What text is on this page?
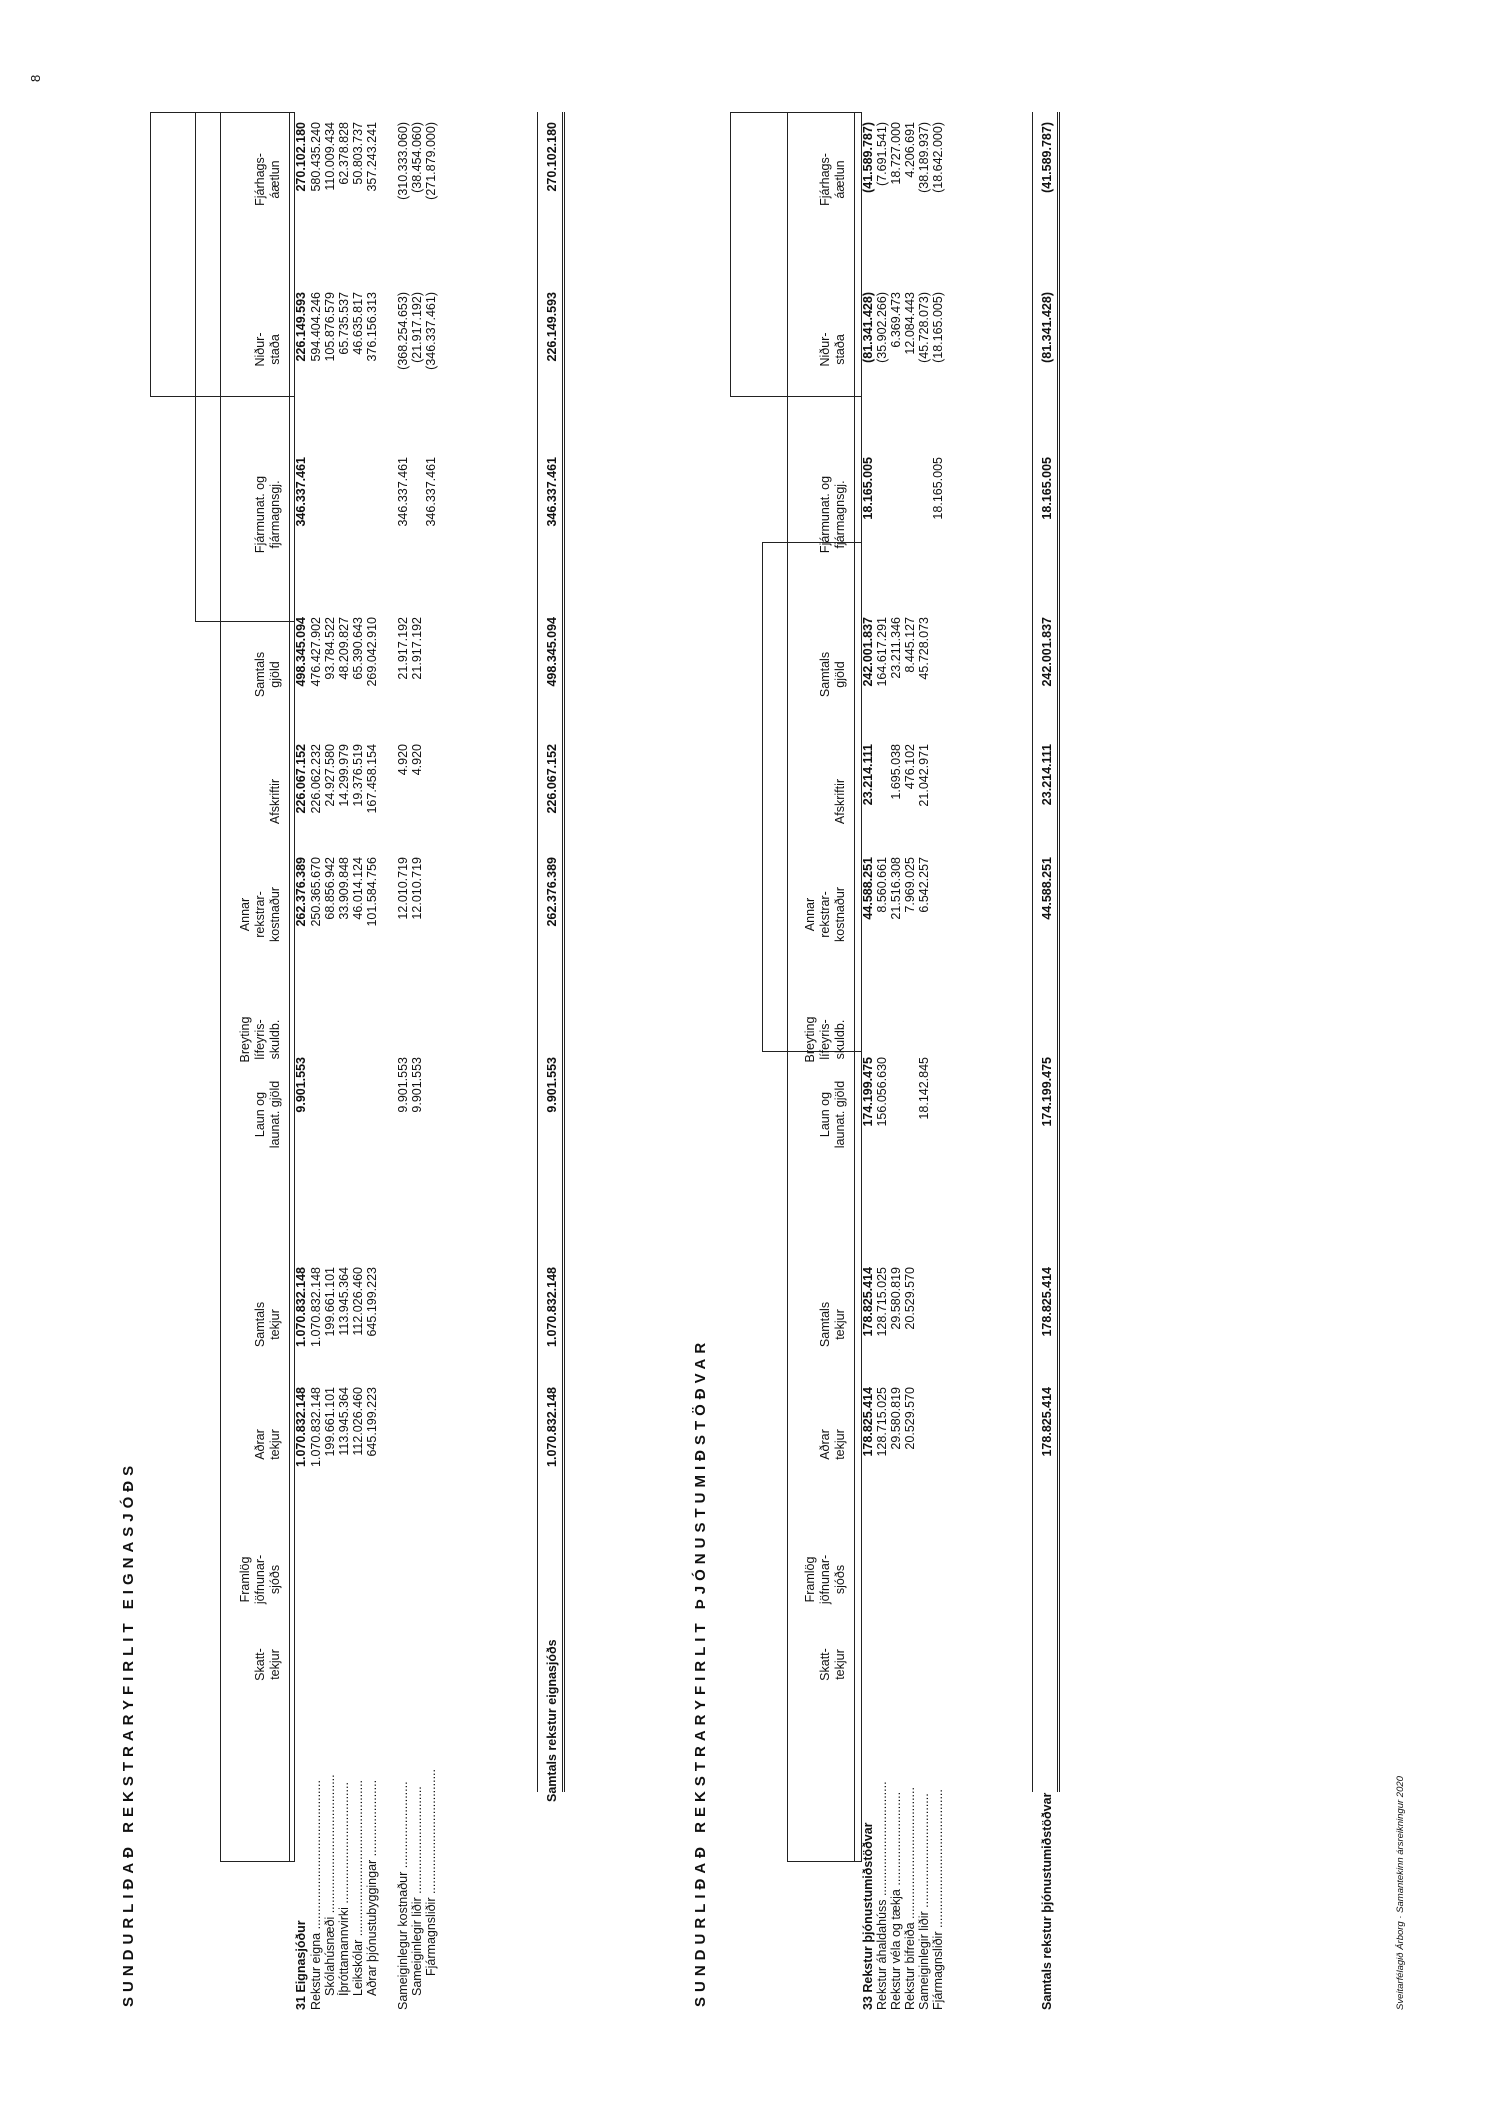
8
SUNDURLIÐAÐ REKSTRARYFIRLIT EIGNASJÓÐS	Skatt-
tekjur
Framlög
jöfnunar-
sjóðs
Aðrar
tekjur
Samtals
tekjur
Laun og
launat. gjöld
Breyting
lífeyris-
skuldb.
Annar
rekstrar-
kostnaður
Afskriftir
Samtals
gjöld
Fjármunat. og
fjármagnsgj.
Niður-
staða
Fjárhags-
áætlun
31 Eignasjóður
1.070.832.148
1.070.832.148
9.901.553
262.376.389
226.067.152
498.345.094
346.337.461
226.149.593
270.102.180
Rekstur eigna ...........................................
1.070.832.148
1.070.832.148
250.365.670
226.062.232
476.427.902
594.404.246
580.435.240
Skólahúsnæði ........................................
199.661.101
199.661.101
68.856.942
24.927.580
93.784.522
105.876.579
110.009.434
Íþróttamannvirki ...................................
113.945.364
113.945.364
33.909.848
14.299.979
48.209.827
65.735.537
62.378.828
Leikskólar .............................................
112.026.460
112.026.460
46.014.124
19.376.519
65.390.643
46.635.817
50.803.737
Aðrar þjónustubyggingar ......................
645.199.223
645.199.223
101.584.756
167.458.154
269.042.910
376.156.313
357.243.241
Sameiginlegur kostnaður .........................
9.901.553
12.010.719
4.920
21.917.192
346.337.461
(368.254.653)
(310.333.060)
Sameiginlegir liðir ...............................
9.901.553
12.010.719
4.920
21.917.192
(21.917.192)
(38.454.060)
Fjármagnsliðir ....................................
346.337.461
(346.337.461)
(271.879.000)
Samtals rekstur eignasjóðs
1.070.832.148
1.070.832.148
9.901.553
262.376.389
226.067.152
498.345.094
346.337.461
226.149.593
270.102.180
SUNDURLIÐAÐ REKSTRARYFIRLIT ÞJÓNUSTUMIÐSTÖÐVAR	Skatt-
tekjur
Framlög
jöfnunar-
sjóðs
Aðrar
tekjur
Samtals
tekjur
Laun og
launat. gjöld
Breyting
lífeyris-
skuldb.
Annar
rekstrar-
kostnaður
Afskriftir
Samtals
gjöld
Fjármunat. og
fjármagnsgj.
Niður-
staða
Fjárhags-
áætlun
33 Rekstur þjónustumiðstöðvar
178.825.414
178.825.414
174.199.475
44.588.251
23.214.111
242.001.837
18.165.005
(81.341.428)
(41.589.787)
Rekstur áhaldahúss .................................
128.715.025
128.715.025
156.056.630
8.560.661
164.617.291
(35.902.266)
(7.691.541)
Rekstur véla og tækja ...........................
29.580.819
29.580.819
21.516.308
1.695.038
23.211.346
6.369.473
18.727.000
Rekstur bifreiða ......................................
20.529.570
20.529.570
7.969.025
476.102
8.445.127
12.084.443
4.206.691
Sameiginlegir liðir .................................
18.142.845
6.542.257
21.042.971
45.728.073
(45.728.073)
(38.189.937)
Fjármagnsliðir ........................................
18.165.005
(18.165.005)
(18.642.000)
Samtals rekstur þjónustumiðstöðvar
178.825.414
178.825.414
174.199.475
44.588.251
23.214.111
242.001.837
18.165.005
(81.341.428)
(41.589.787)
Sveitarfélagið Árborg · Samantekinn ársreikningur 2020
